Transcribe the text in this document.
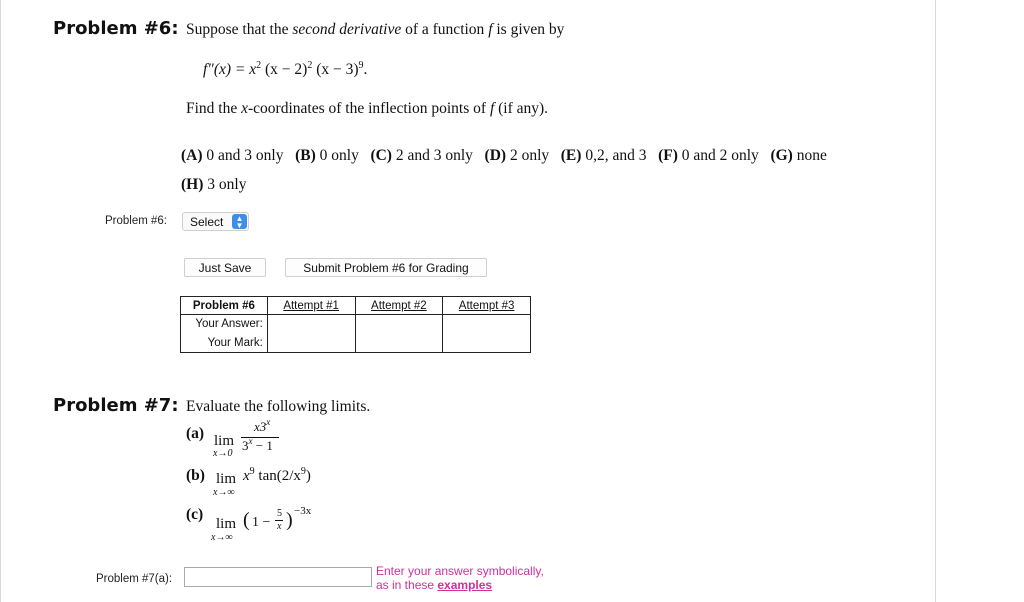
Problem #6: Suppose that the second derivative of a function f is given by
f"(x) = $x^2$ $(x - 2)^2$ $(x - 3)^9$.
Find the x-coordinates of the inflection points of f (if any).
(A) 0 and 3 only (B) 0 only (C) 2 and 3 only (D) 2 only (E) 0,2, and 3 (F) 0 and 2 only (G) none
(H) 3 only
Problem #6: Select ▲
▼
Just Save	Submit Problem #6 for Grading
Problem #6	Attempt #1	Attempt #2	Attempt #3
Your Answer:			
Your Mark:			
Problem #7: Evaluate the following limits.
(a) lim
x→0
x3$^x$
$3^x - 1$
(b) lim
x→∞
$x^9$ $\tan(2/x^9)$
(c)
lim
x→∞
( 1 −
5
x ) −3x
Problem #7(a):
Enter your answer symbolically,
as in these examples
